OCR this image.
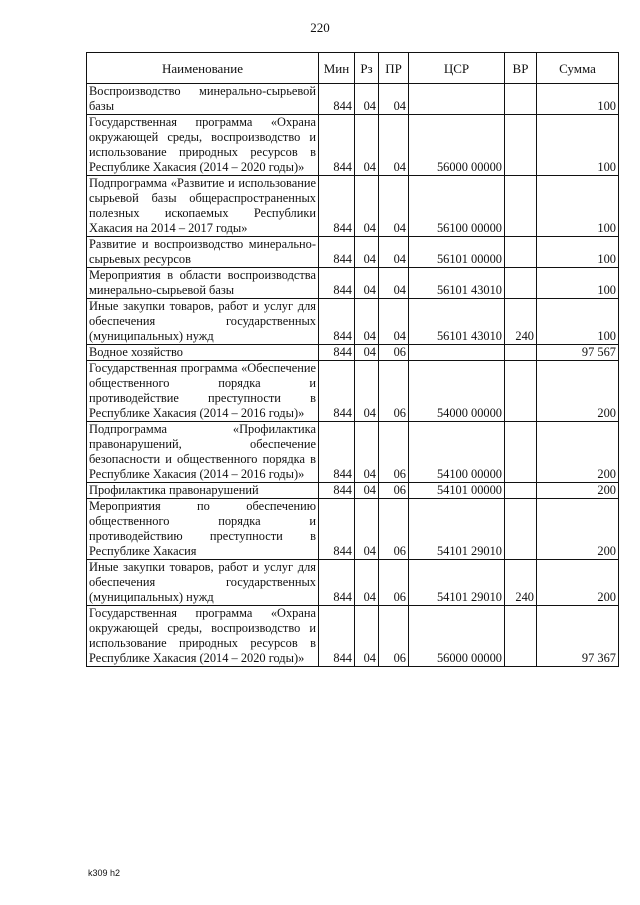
220
Наименование	Мин	Рз	ПР	ЦСР	ВР	Сумма
Воспроизводство минерально-сырьевой базы	844	04	04			100
Государственная программа «Охрана окружающей среды, воспроизводство и использование природных ресурсов в Республике Хакасия (2014 – 2020 годы)»	844	04	04	56000 00000		100
Подпрограмма «Развитие и использование сырьевой базы общераспространенных полезных ископаемых Республики Хакасия на 2014 – 2017 годы»	844	04	04	56100 00000		100
Развитие и воспроизводство минерально-сырьевых ресурсов	844	04	04	56101 00000		100
Мероприятия в области воспроизводства минерально-сырьевой базы	844	04	04	56101 43010		100
Иные закупки товаров, работ и услуг для обеспечения государственных (муниципальных) нужд	844	04	04	56101 43010	240	100
Водное хозяйство	844	04	06			97 567
Государственная программа «Обеспечение общественного порядка и противодействие преступности в Республике Хакасия (2014 – 2016 годы)»	844	04	06	54000 00000		200
Подпрограмма «Профилактика правонарушений, обеспечение безопасности и общественного порядка в Республике Хакасия (2014 – 2016 годы)»	844	04	06	54100 00000		200
Профилактика правонарушений	844	04	06	54101 00000		200
Мероприятия по обеспечению общественного порядка и противодействию преступности в Республике Хакасия	844	04	06	54101 29010		200
Иные закупки товаров, работ и услуг для обеспечения государственных (муниципальных) нужд	844	04	06	54101 29010	240	200
Государственная программа «Охрана окружающей среды, воспроизводство и использование природных ресурсов в Республике Хакасия (2014 – 2020 годы)»	844	04	06	56000 00000		97 367
k309 h2
